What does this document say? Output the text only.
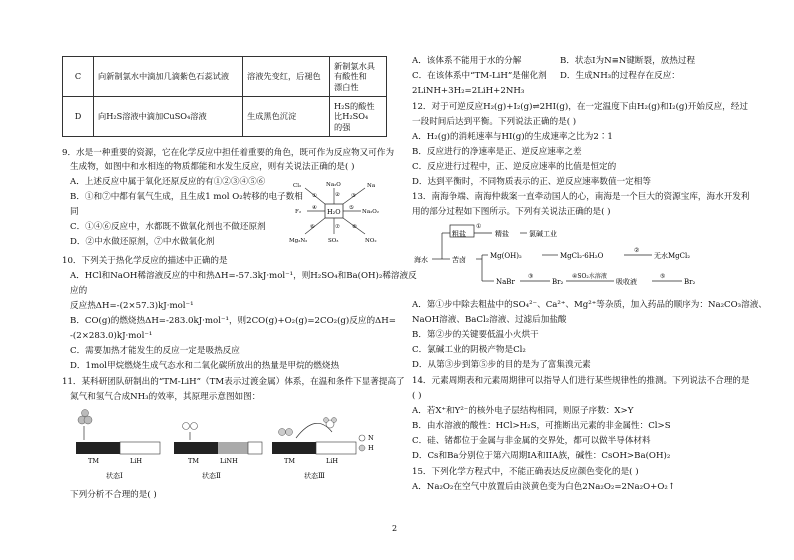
C	向新制氯水中滴加几滴紫色石蕊试液	溶液先变红，后褪色	新制氯水具有酸性和
漂白性

D	向H₂S溶液中滴加CuSO₄溶液	生成黑色沉淀	H₂S的酸性比H₂SO₄
的强
9．水是一种重要的资源，它在化学反应中担任着重要的角色，既可作为反应物又可作为
生成物，如图中和水相连的物质都能和水发生反应，则有关说法正确的是( )
A．上述反应中属于氧化还原反应的有①②③④⑤⑥
B．①和⑦中都有氧气生成，且生成1 mol O₂转移的电子数相
同
C．①④⑥反应中，水都既不做氧化剂也不做还原剂
D．②中水做还原剂，⑦中水做氧化剂
H₂O
Cl₂	Na₂O	Na
F₂	Na₂O₂
Mg₃N₂	SO₃	NO₂
①	② ③
④	⑤
⑥	⑦ ⑧
10．下列关于热化学反应的描述中正确的是
A．HCl和NaOH稀溶液反应的中和热ΔH=-57.3kJ·mol⁻¹，则H₂SO₄和Ba(OH)₂稀溶液反
应的
反应热ΔH=-(2×57.3)kJ·mol⁻¹
B．CO(g)的燃烧热ΔH=-283.0kJ·mol⁻¹，则2CO(g)+O₂(g)=2CO₂(g)反应的ΔH=
-(2×283.0)kJ·mol⁻¹
C．需要加热才能发生的反应一定是吸热反应
D．1mol甲烷燃烧生成气态水和二氧化碳所放出的热量是甲烷的燃烧热
11．某科研团队研制出的“TM-LiH”（TM表示过渡金属）体系，在温和条件下显著提高了
氮气和氢气合成NH₃的效率，其原理示意图如图：
TM	LiH
状态Ⅰ
TM	LiNH
状态Ⅱ
TM	LiH
状态Ⅲ
N
H
下列分析不合理的是( )
A．该体系不能用于水的分解	B．状态Ⅰ为N≡N键断裂，放热过程
C．在该体系中“TM-LiH”是催化剂 D．生成NH₃的过程存在反应：
2LiNH+3H₂=2LiH+2NH₃
12．对于可逆反应H₂(g)+I₂(g)⇌2HI(g)，在一定温度下由H₂(g)和I₂(g)开始反应，经过
一段时间后达到平衡。下列说法正确的是( )
A．H₂(g)的消耗速率与HI(g)的生成速率之比为2∶1
B．反应进行的净速率是正、逆反应速率之差
C．反应进行过程中，正、逆反应速率的比值是恒定的
D．达到平衡时，不同物质表示的正、逆反应速率数值一定相等
13．南海争端、南海仲裁案一直牵动国人的心，南海是一个巨大的资源宝库，海水开发利
用的部分过程如下图所示。下列有关说法正确的是( )
海水
粗盐	精盐	氯碱工业
苦卤	Mg(OH)₂	MgCl₂·6H₂O	无水MgCl₂
NaBr	Br₂	吸收液	Br₂
①
②
③	④SO₂水溶液	⑤
A．第①步中除去粗盐中的SO₄²⁻、Ca²⁺、Mg²⁺等杂质，加入药品的顺序为：Na₂CO₃溶液、
NaOH溶液、BaCl₂溶液、过滤后加盐酸
B．第②步的关键要低温小火烘干
C．氯碱工业的阴极产物是Cl₂
D．从第③步到第⑤步的目的是为了富集溴元素
14．元素周期表和元素周期律可以指导人们进行某些规律性的推测。下列说法不合理的是
( )
A．若X⁺和Y²⁻的核外电子层结构相同，则原子序数：X>Y
B．由水溶液的酸性：HCl>H₂S，可推断出元素的非金属性：Cl>S
C．硅、锗都位于金属与非金属的交界处，都可以做半导体材料
D．Cs和Ba分别位于第六周期IA和IIA族，碱性：CsOH>Ba(OH)₂
15．下列化学方程式中，不能正确表达反应颜色变化的是( )
A．Na₂O₂在空气中放置后由淡黄色变为白色2Na₂O₂=2Na₂O+O₂↑
2
